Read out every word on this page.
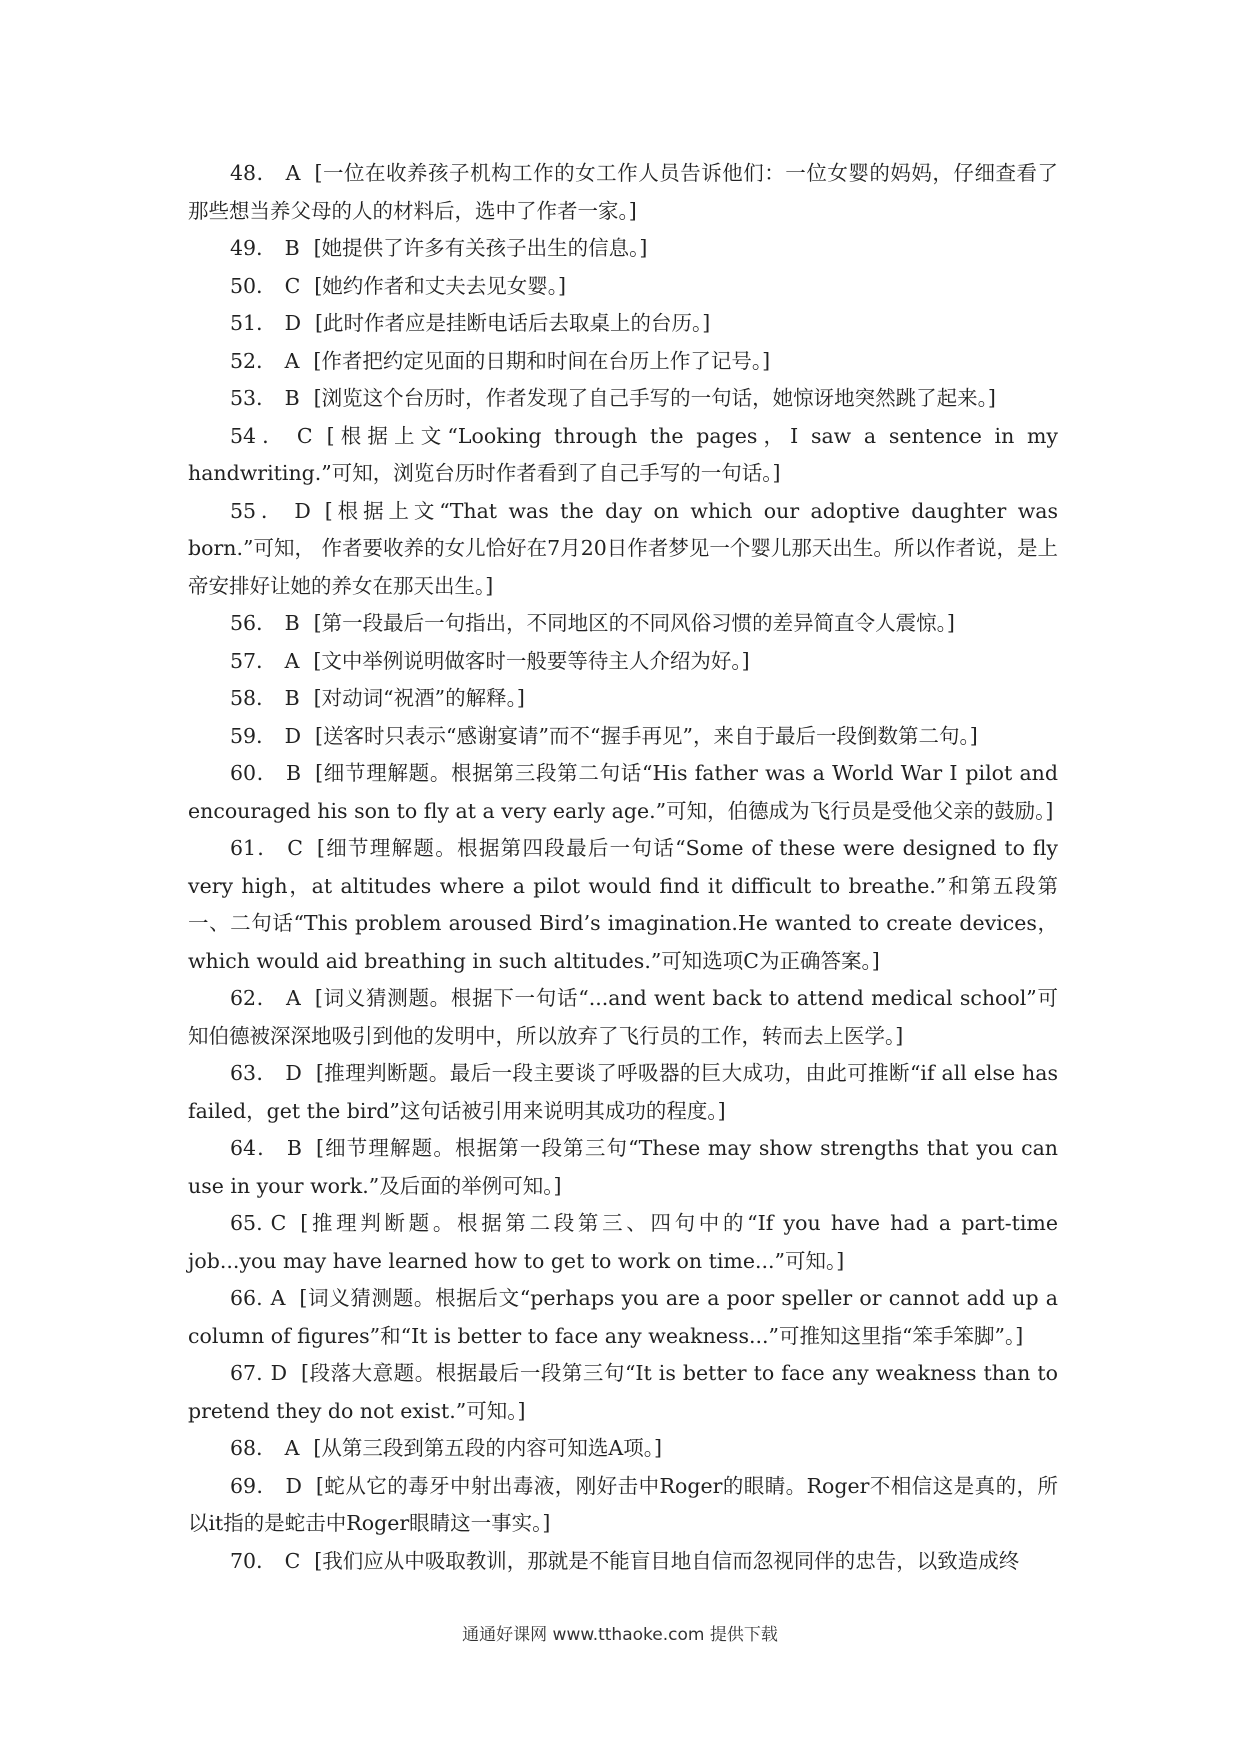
48． A [一位在收养孩子机构工作的女工作人员告诉他们：一位女婴的妈妈，仔细查看了那些想当养父母的人的材料后，选中了作者一家。]

49． B [她提供了许多有关孩子出生的信息。]

50． C [她约作者和丈夫去见女婴。]

51． D [此时作者应是挂断电话后去取桌上的台历。]

52． A [作者把约定见面的日期和时间在台历上作了记号。]

53． B [浏览这个台历时，作者发现了自己手写的一句话，她惊讶地突然跳了起来。]

54． C [根据上文“Looking through the pages，I saw a sentence in my handwriting.”可知，浏览台历时作者看到了自己手写的一句话。]

55． D [根据上文“That was the day on which our adoptive daughter was born.”可知， 作者要收养的女儿恰好在7月20日作者梦见一个婴儿那天出生。所以作者说，是上帝安排好让她的养女在那天出生。]

56． B [第一段最后一句指出，不同地区的不同风俗习惯的差异简直令人震惊。]

57． A [文中举例说明做客时一般要等待主人介绍为好。]

58． B [对动词“祝酒”的解释。]

59． D [送客时只表示“感谢宴请”而不“握手再见”，来自于最后一段倒数第二句。]

60． B [细节理解题。根据第三段第二句话“His father was a World War Ⅰ pilot and encouraged his son to fly at a very early age.”可知，伯德成为飞行员是受他父亲的鼓励。]

61． C [细节理解题。根据第四段最后一句话“Some of these were designed to fly very high，at altitudes where a pilot would find it difficult to breathe.”和第五段第一、二句话“This problem aroused Bird’s imagination.He wanted to create devices，which would aid breathing in such altitudes.”可知选项C为正确答案。]

62． A [词义猜测题。根据下一句话“...and went back to attend medical school”可知伯德被深深地吸引到他的发明中，所以放弃了飞行员的工作，转而去上医学。]

63． D [推理判断题。最后一段主要谈了呼吸器的巨大成功，由此可推断“if all else has failed，get the bird”这句话被引用来说明其成功的程度。]

64． B [细节理解题。根据第一段第三句“These may show strengths that you can use in your work.”及后面的举例可知。]

65. C [推理判断题。根据第二段第三、四句中的“If you have had a part-time job...you may have learned how to get to work on time...”可知。]

66. A [词义猜测题。根据后文“perhaps you are a poor speller or cannot add up a column of figures”和“It is better to face any weakness...”可推知这里指“笨手笨脚”。]

67. D [段落大意题。根据最后一段第三句“It is better to face any weakness than to pretend they do not exist.”可知。]

68． A [从第三段到第五段的内容可知选A项。]

69． D [蛇从它的毒牙中射出毒液，刚好击中Roger的眼睛。Roger不相信这是真的，所以it指的是蛇击中Roger眼睛这一事实。]

70． C [我们应从中吸取教训，那就是不能盲目地自信而忽视同伴的忠告，以致造成终

通通好课网 www.tthaoke.com 提供下载
